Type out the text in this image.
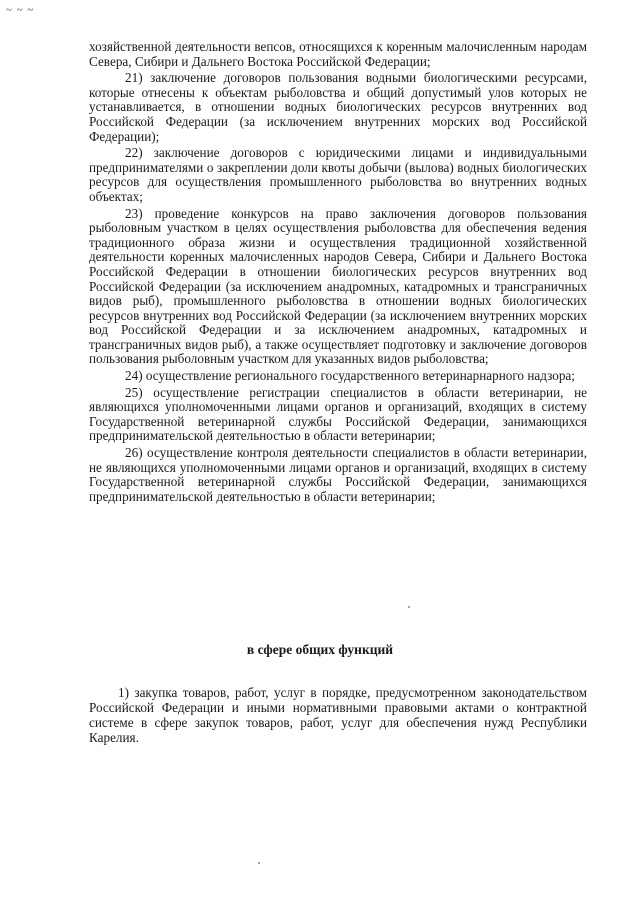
~ ~ ~

хозяйственной деятельности вепсов, относящихся к коренным малочисленным народам Севера, Сибири и Дальнего Востока Российской Федерации;

21) заключение договоров пользования водными биологическими ресурсами, которые отнесены к объектам рыболовства и общий допустимый улов которых не устанавливается, в отношении водных биологических ресурсов внутренних вод Российской Федерации (за исключением внутренних морских вод Российской Федерации);

22) заключение договоров с юридическими лицами и индивидуальными предпринимателями о закреплении доли квоты добычи (вылова) водных биологических ресурсов для осуществления промышленного рыболовства во внутренних водных объектах;

23) проведение конкурсов на право заключения договоров пользования рыболовным участком в целях осуществления рыболовства для обеспечения ведения традиционного образа жизни и осуществления традиционной хозяйственной деятельности коренных малочисленных народов Севера, Сибири и Дальнего Востока Российской Федерации в отношении биологических ресурсов внутренних вод Российской Федерации (за исключением анадромных, катадромных и трансграничных видов рыб), промышленного рыболовства в отношении водных биологических ресурсов внутренних вод Российской Федерации (за исключением внутренних морских вод Российской Федерации и за исключением анадромных, катадромных и трансграничных видов рыб), а также осуществляет подготовку и заключение договоров пользования рыболовным участком для указанных видов рыболовства;

24) осуществление регионального государственного ветеринарнарного надзора;

25) осуществление регистрации специалистов в области ветеринарии, не являющихся уполномоченными лицами органов и организаций, входящих в систему Государственной ветеринарной службы Российской Федерации, занимающихся предпринимательской деятельностью в области ветеринарии;

26) осуществление контроля деятельности специалистов в области ветеринарии, не являющихся уполномоченными лицами органов и организаций, входящих в систему Государственной ветеринарной службы Российской Федерации, занимающихся предпринимательской деятельностью в области ветеринарии;

в сфере общих функций

1) закупка товаров, работ, услуг в порядке, предусмотренном законодательством Российской Федерации и иными нормативными правовыми актами о контрактной системе в сфере закупок товаров, работ, услуг для обеспечения нужд Республики Карелия.
